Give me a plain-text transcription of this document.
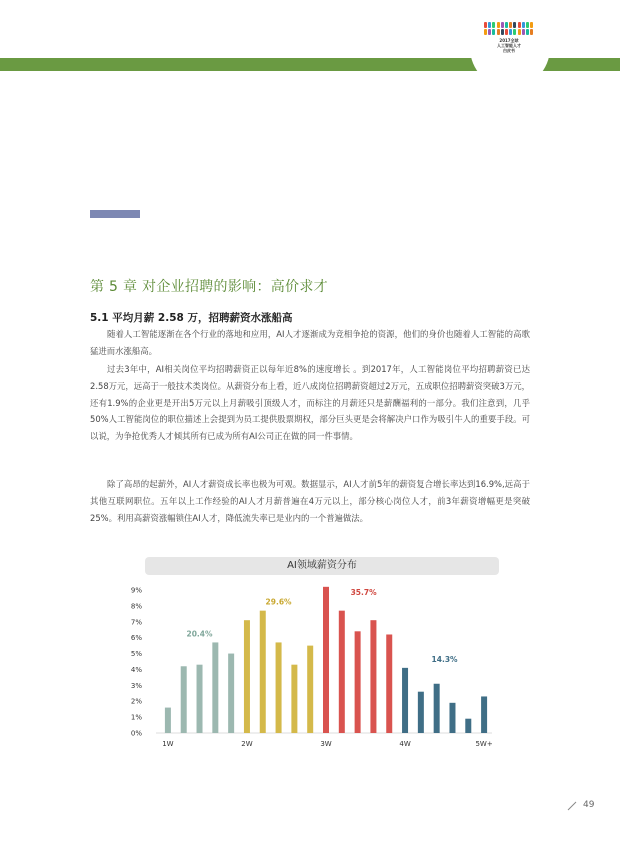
2017全球
人工智能人才
白皮书
第 5 章 对企业招聘的影响：高价求才
5.1 平均月薪 2.58 万，招聘薪资水涨船高
随着人工智能逐渐在各个行业的落地和应用，AI人才逐渐成为竞相争抢的资源，他们的身价也随着人工智能的高歌猛进而水涨船高。
过去3年中，AI相关岗位平均招聘薪资正以每年近8%的速度增长 。到2017年，人工智能岗位平均招聘薪资已达2.58万元，远高于一般技术类岗位。从薪资分布上看，近八成岗位招聘薪资超过2万元，五成职位招聘薪资突破3万元，还有1.9%的企业更是开出5万元以上月薪吸引顶级人才，而标注的月薪还只是薪酬福利的一部分。我们注意到，几乎50%人工智能岗位的职位描述上会提到为员工提供股票期权，部分巨头更是会将解决户口作为吸引牛人的重要手段。可以说，为争抢优秀人才倾其所有已成为所有AI公司正在做的同一件事情。
除了高昂的起薪外，AI人才薪资成长率也极为可观。数据显示，AI人才前5年的薪资复合增长率达到16.9%,远高于其他互联网职位。五年以上工作经验的AI人才月薪普遍在4万元以上，部分核心岗位人才，前3年薪资增幅更是突破25%。利用高薪资涨幅锁住AI人才，降低流失率已是业内的一个普遍做法。
AI领域薪资分布
0%
1%
2%
3%
4%
5%
6%
7%
8%
9%
20.4%
29.6%
35.7%
14.3%
1W	2W	3W	4W	5W+
49
